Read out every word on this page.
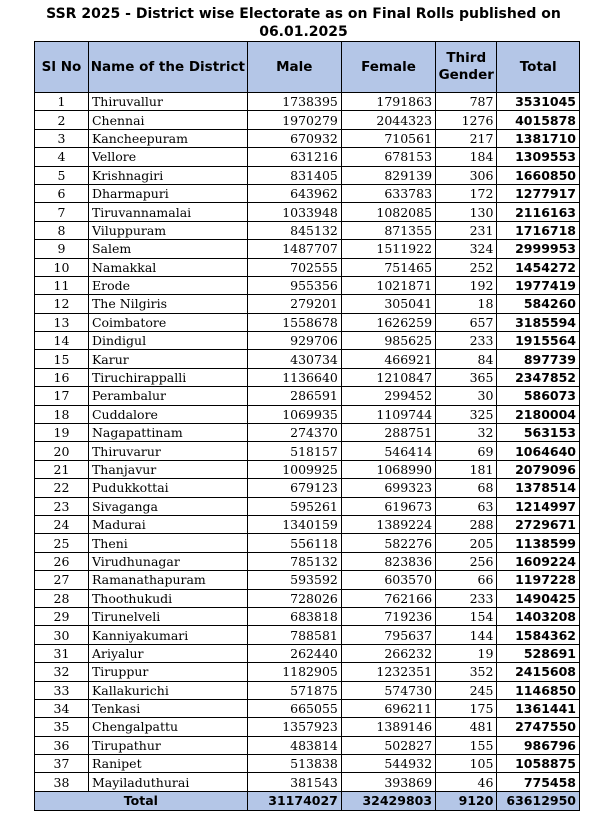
SSR 2025 - District wise Electorate as on Final Rolls published on
06.01.2025
Sl No	Name of the District	Male	Female	Third Gender	Total
1	Thiruvallur	1738395	1791863	787	3531045
2	Chennai	1970279	2044323	1276	4015878
3	Kancheepuram	670932	710561	217	1381710
4	Vellore	631216	678153	184	1309553
5	Krishnagiri	831405	829139	306	1660850
6	Dharmapuri	643962	633783	172	1277917
7	Tiruvannamalai	1033948	1082085	130	2116163
8	Viluppuram	845132	871355	231	1716718
9	Salem	1487707	1511922	324	2999953
10	Namakkal	702555	751465	252	1454272
11	Erode	955356	1021871	192	1977419
12	The Nilgiris	279201	305041	18	584260
13	Coimbatore	1558678	1626259	657	3185594
14	Dindigul	929706	985625	233	1915564
15	Karur	430734	466921	84	897739
16	Tiruchirappalli	1136640	1210847	365	2347852
17	Perambalur	286591	299452	30	586073
18	Cuddalore	1069935	1109744	325	2180004
19	Nagapattinam	274370	288751	32	563153
20	Thiruvarur	518157	546414	69	1064640
21	Thanjavur	1009925	1068990	181	2079096
22	Pudukkottai	679123	699323	68	1378514
23	Sivaganga	595261	619673	63	1214997
24	Madurai	1340159	1389224	288	2729671
25	Theni	556118	582276	205	1138599
26	Virudhunagar	785132	823836	256	1609224
27	Ramanathapuram	593592	603570	66	1197228
28	Thoothukudi	728026	762166	233	1490425
29	Tirunelveli	683818	719236	154	1403208
30	Kanniyakumari	788581	795637	144	1584362
31	Ariyalur	262440	266232	19	528691
32	Tiruppur	1182905	1232351	352	2415608
33	Kallakurichi	571875	574730	245	1146850
34	Tenkasi	665055	696211	175	1361441
35	Chengalpattu	1357923	1389146	481	2747550
36	Tirupathur	483814	502827	155	986796
37	Ranipet	513838	544932	105	1058875
38	Mayiladuthurai	381543	393869	46	775458
Total		31174027	32429803	9120	63612950
